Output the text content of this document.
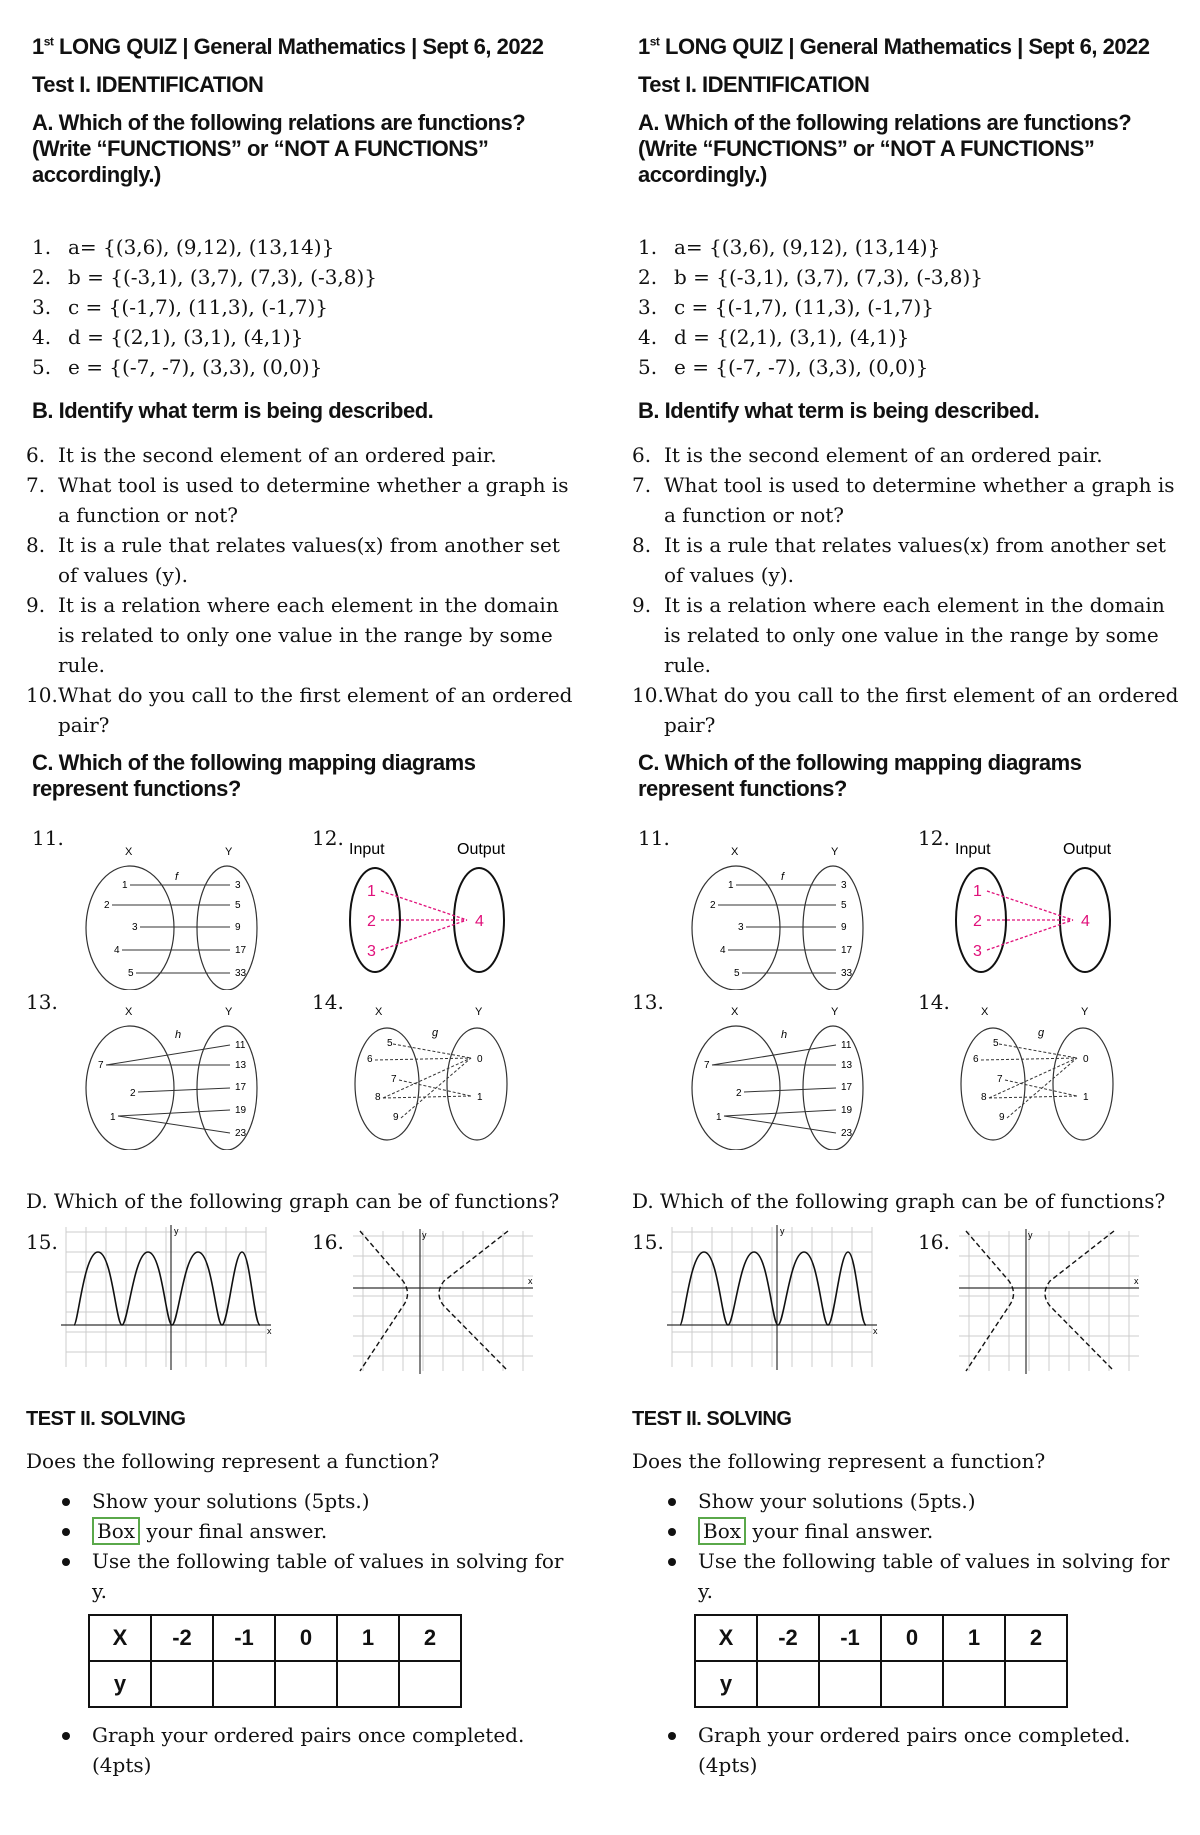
1st LONG QUIZ | General Mathematics | Sept 6, 2022
Test I. IDENTIFICATION
A. Which of the following relations are functions?
(Write “FUNCTIONS” or “NOT A FUNCTIONS”
accordingly.)
1. a= {(3,6), (9,12), (13,14)}
2. b = {(-3,1), (3,7), (7,3), (-3,8)}
3. c = {(-1,7), (11,3), (-1,7)}
4. d = {(2,1), (3,1), (4,1)}
5. e = {(-7, -7), (3,3), (0,0)}
B. Identify what term is being described.
6. It is the second element of an ordered pair.
7. What tool is used to determine whether a graph is a function or not?
8. It is a rule that relates values(x) from another set of values (y).
9. It is a relation where each element in the domain is related to only one value in the range by some rule.
10. What do you call to the first element of an ordered pair?
C. Which of the following mapping diagrams
represent functions?
11.
X	Y
f
1
2
3
4
5
3
5
9
17
33
12. Input	Output
1
2
3
4
13.	X	Y
h
7
2
1
11
13
17
19
23
14.	X	Y
g
5
6
7
8
9
0
1
D. Which of the following graph can be of functions?
15.	y
x
16.	y
x
TEST II. SOLVING
Does the following represent a function?
Show your solutions (5pts.)
Box your final answer.
Use the following table of values in solving for y.
X	-2	-1	0	1	2
y					
Graph your ordered pairs once completed. (4pts)
1st LONG QUIZ | General Mathematics | Sept 6, 2022
Test I. IDENTIFICATION
A. Which of the following relations are functions?
(Write “FUNCTIONS” or “NOT A FUNCTIONS”
accordingly.)
1. a= {(3,6), (9,12), (13,14)}
2. b = {(-3,1), (3,7), (7,3), (-3,8)}
3. c = {(-1,7), (11,3), (-1,7)}
4. d = {(2,1), (3,1), (4,1)}
5. e = {(-7, -7), (3,3), (0,0)}
B. Identify what term is being described.
6. It is the second element of an ordered pair.
7. What tool is used to determine whether a graph is a function or not?
8. It is a rule that relates values(x) from another set of values (y).
9. It is a relation where each element in the domain is related to only one value in the range by some rule.
10. What do you call to the first element of an ordered pair?
C. Which of the following mapping diagrams
represent functions?
11.
X	Y
f
1
2
3
4
5
3
5
9
17
33
12. Input	Output
1
2
3
4
13.	X	Y
h
7
2
1
11
13
17
19
23
14.	X	Y
g
5
6
7
8
9
0
1
D. Which of the following graph can be of functions?
15.	y
x
16.	y
x
TEST II. SOLVING
Does the following represent a function?
Show your solutions (5pts.)
Box your final answer.
Use the following table of values in solving for y.
X	-2	-1	0	1	2
y					
Graph your ordered pairs once completed. (4pts)
